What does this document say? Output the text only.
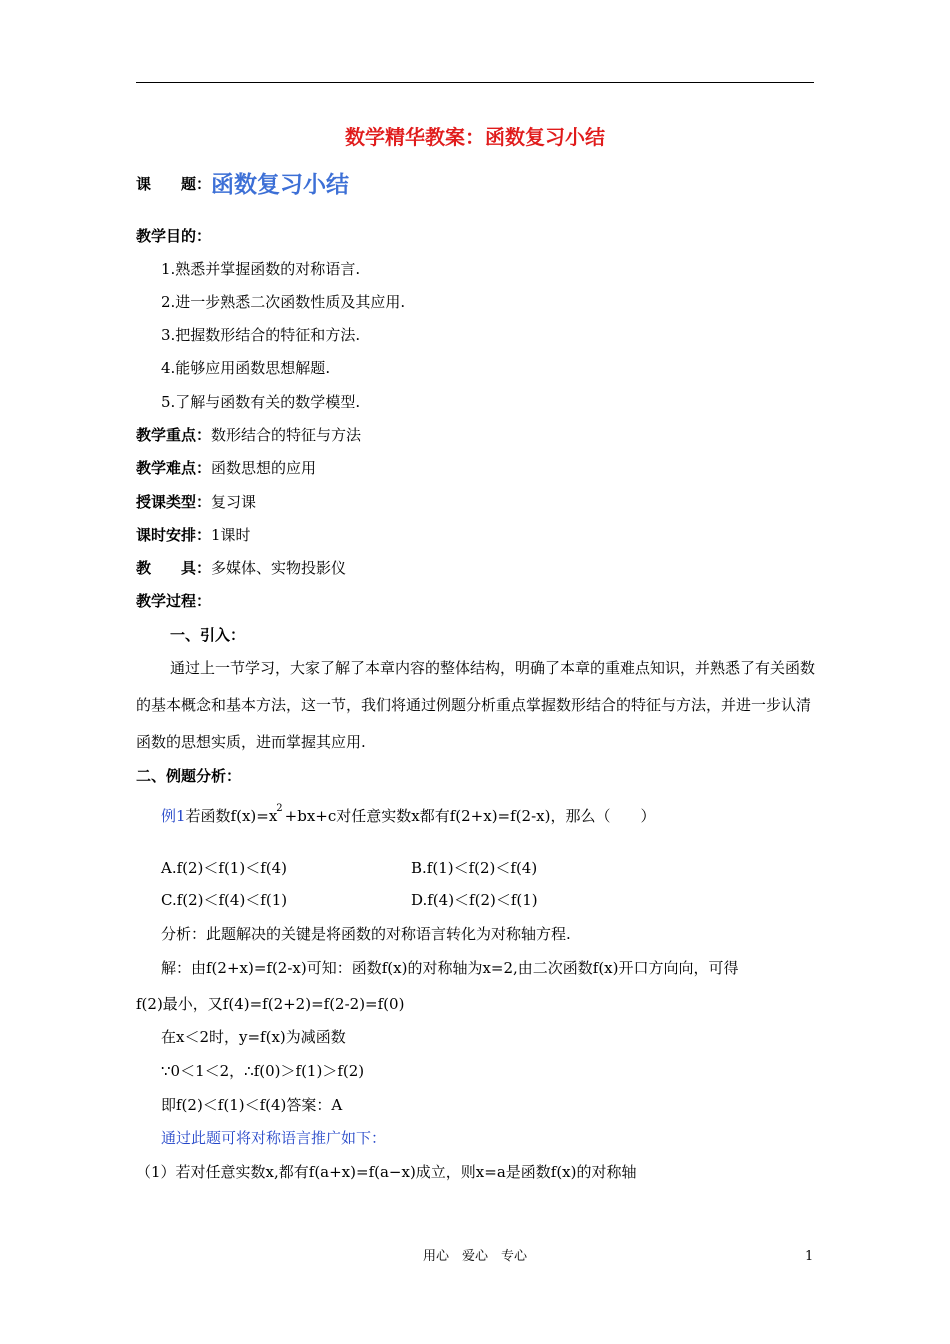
数学精华教案：函数复习小结
课　　题：函数复习小结
教学目的：
1.熟悉并掌握函数的对称语言.
2.进一步熟悉二次函数性质及其应用.
3.把握数形结合的特征和方法.
4.能够应用函数思想解题.
5.了解与函数有关的数学模型.
教学重点：数形结合的特征与方法
教学难点：函数思想的应用
授课类型：复习课
课时安排：1课时
教　　具：多媒体、实物投影仪
教学过程：
一、引入：
通过上一节学习，大家了解了本章内容的整体结构，明确了本章的重难点知识，并熟悉了有关函数的基本概念和基本方法，这一节，我们将通过例题分析重点掌握数形结合的特征与方法，并进一步认清函数的思想实质，进而掌握其应用.
二、例题分析：
例1若函数$f(x)=x^2 +bx+c$对任意实数x都有f(2+x)=f(2-x)，那么（　　）
A.f(2)＜f(1)＜f(4)	B.f(1)＜f(2)＜f(4)
C.f(2)＜f(4)＜f(1)	D.f(4)＜f(2)＜f(1)
分析：此题解决的关键是将函数的对称语言转化为对称轴方程.
解：由f(2+x)=f(2-x)可知：函数f(x)的对称轴为x=2,由二次函数f(x)开口方向向，可得
f(2)最小，又f(4)=f(2+2)=f(2-2)=f(0)
在x＜2时，y=f(x)为减函数
∵0＜1＜2，∴f(0)＞f(1)＞f(2)
即f(2)＜f(1)＜f(4)答案：A
通过此题可将对称语言推广如下：
（1）若对任意实数x,都有f(a+x)=f(a−x)成立，则x=a是函数f(x)的对称轴
用心　爱心　专心	1
